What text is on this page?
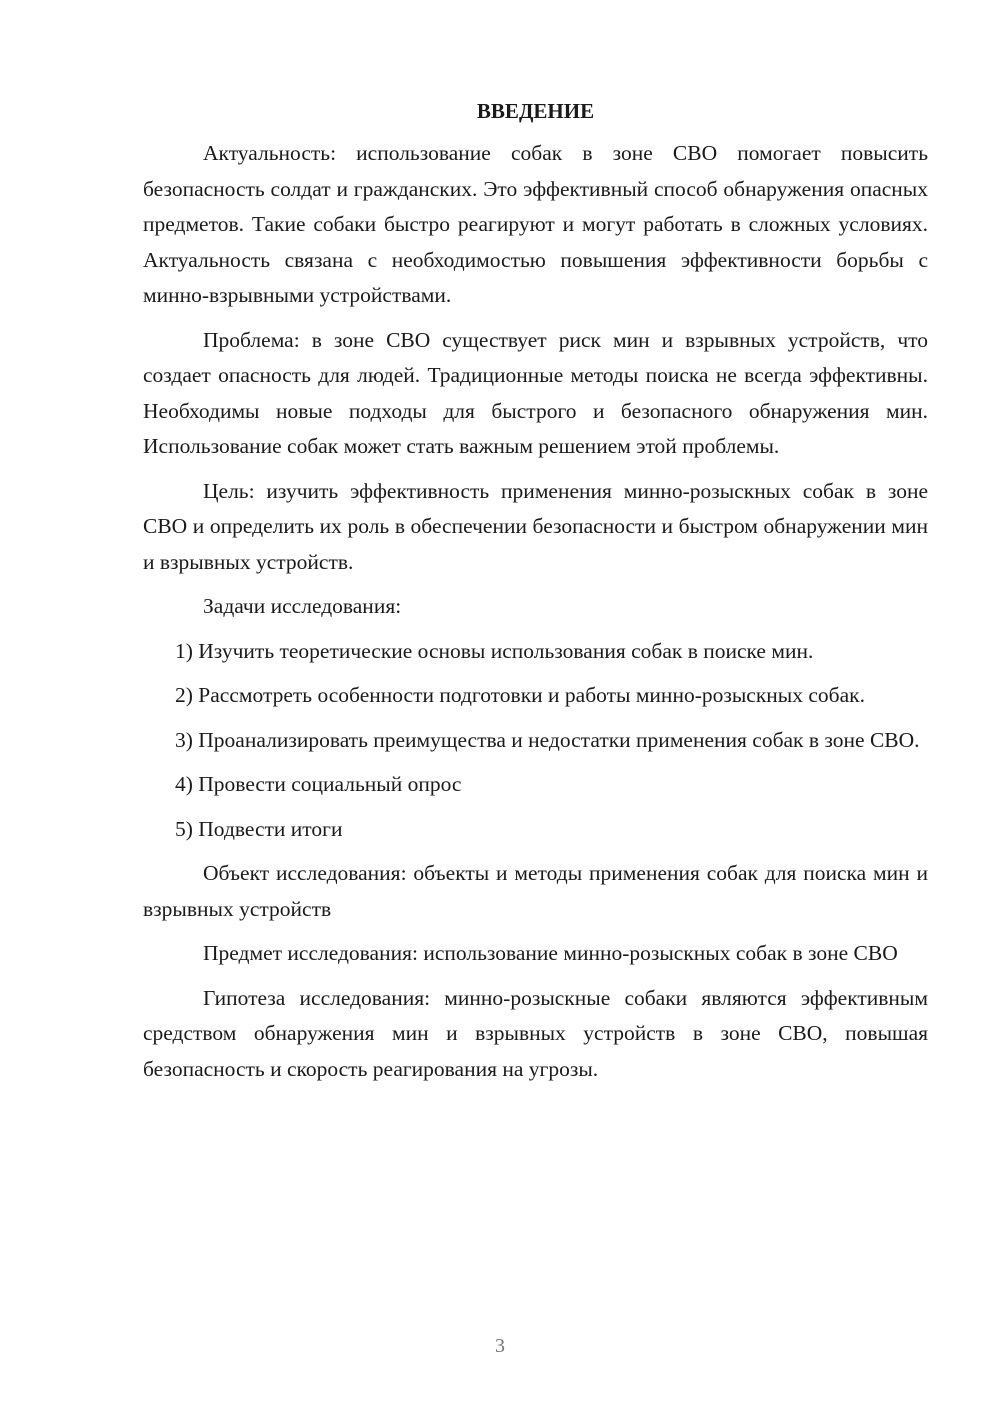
ВВЕДЕНИЕ

Актуальность: использование собак в зоне СВО помогает повысить безопасность солдат и гражданских. Это эффективный способ обнаружения опасных предметов. Такие собаки быстро реагируют и могут работать в сложных условиях. Актуальность связана с необходимостью повышения эффективности борьбы с минно-взрывными устройствами.

Проблема: в зоне СВО существует риск мин и взрывных устройств, что создает опасность для людей. Традиционные методы поиска не всегда эффективны. Необходимы новые подходы для быстрого и безопасного обнаружения мин. Использование собак может стать важным решением этой проблемы.

Цель: изучить эффективность применения минно-розыскных собак в зоне СВО и определить их роль в обеспечении безопасности и быстром обнаружении мин и взрывных устройств.

Задачи исследования:

1) Изучить теоретические основы использования собак в поиске мин.

2) Рассмотреть особенности подготовки и работы минно-розыскных собак.

3) Проанализировать преимущества и недостатки применения собак в зоне СВО.

4) Провести социальный опрос

5) Подвести итоги

Объект исследования: объекты и методы применения собак для поиска мин и взрывных устройств

Предмет исследования: использование минно-розыскных собак в зоне СВО

Гипотеза исследования: минно-розыскные собаки являются эффективным средством обнаружения мин и взрывных устройств в зоне СВО, повышая безопасность и скорость реагирования на угрозы.

3
